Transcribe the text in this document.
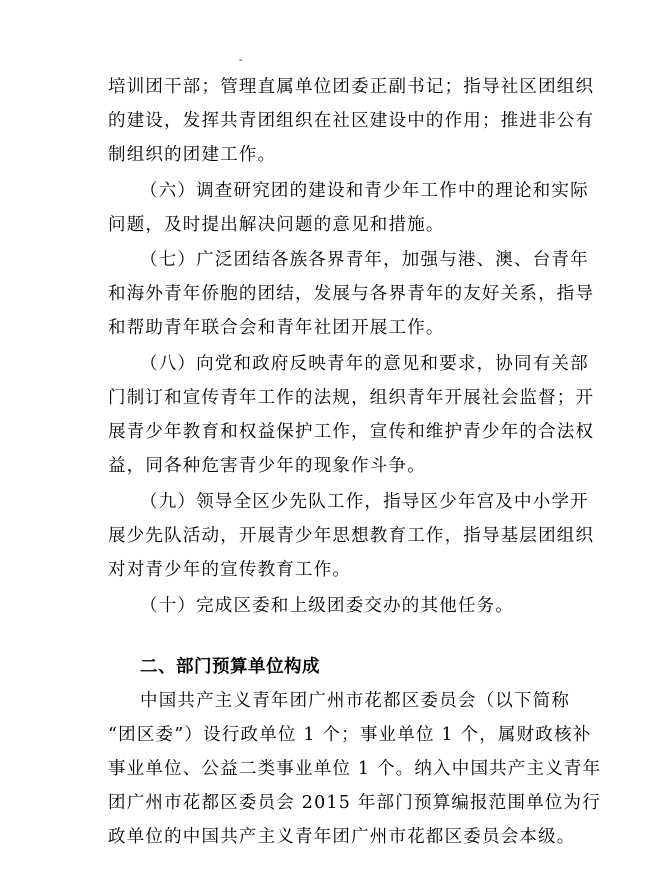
-
培训团干部；管理直属单位团委正副书记；指导社区团组织
的建设，发挥共青团组织在社区建设中的作用；推进非公有
制组织的团建工作。
（六）调查研究团的建设和青少年工作中的理论和实际
问题，及时提出解决问题的意见和措施。
（七）广泛团结各族各界青年，加强与港、澳、台青年
和海外青年侨胞的团结，发展与各界青年的友好关系，指导
和帮助青年联合会和青年社团开展工作。
（八）向党和政府反映青年的意见和要求，协同有关部
门制订和宣传青年工作的法规，组织青年开展社会监督；开
展青少年教育和权益保护工作，宣传和维护青少年的合法权
益，同各种危害青少年的现象作斗争。
（九）领导全区少先队工作，指导区少年宫及中小学开
展少先队活动，开展青少年思想教育工作，指导基层团组织
对对青少年的宣传教育工作。
（十）完成区委和上级团委交办的其他任务。
二、部门预算单位构成
中国共产主义青年团广州市花都区委员会（以下简称
“团区委”）设行政单位 1 个；事业单位 1 个，属财政核补
事业单位、公益二类事业单位 1 个。纳入中国共产主义青年
团广州市花都区委员会 2015 年部门预算编报范围单位为行
政单位的中国共产主义青年团广州市花都区委员会本级。
